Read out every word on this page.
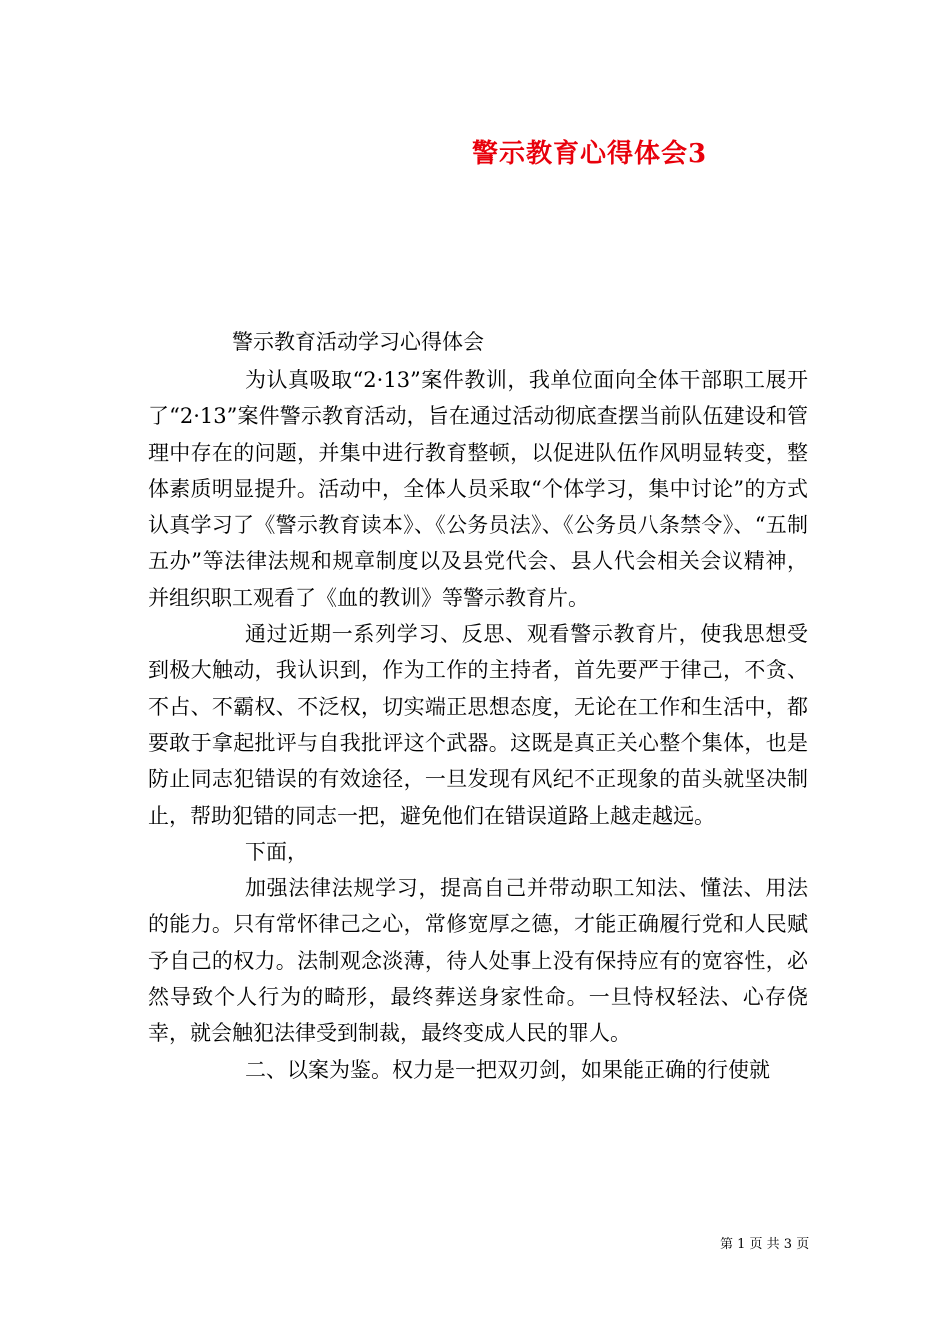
警示教育心得体会3
警示教育活动学习心得体会

为认真吸取“2·13”案件教训，我单位面向全体干部职工展开了“2·13”案件警示教育活动，旨在通过活动彻底查摆当前队伍建设和管理中存在的问题，并集中进行教育整顿，以促进队伍作风明显转变，整体素质明显提升。活动中，全体人员采取“个体学习，集中讨论”的方式认真学习了《警示教育读本》、《公务员法》、《公务员八条禁令》、“五制五办”等法律法规和规章制度以及县党代会、县人代会相关会议精神，并组织职工观看了《血的教训》等警示教育片。

通过近期一系列学习、反思、观看警示教育片，使我思想受到极大触动，我认识到，作为工作的主持者，首先要严于律己，不贪、不占、不霸权、不泛权，切实端正思想态度，无论在工作和生活中，都要敢于拿起批评与自我批评这个武器。这既是真正关心整个集体，也是防止同志犯错误的有效途径，一旦发现有风纪不正现象的苗头就坚决制止，帮助犯错的同志一把，避免他们在错误道路上越走越远。

下面，

加强法律法规学习，提高自己并带动职工知法、懂法、用法的能力。只有常怀律己之心，常修宽厚之德，才能正确履行党和人民赋予自己的权力。法制观念淡薄，待人处事上没有保持应有的宽容性，必然导致个人行为的畸形，最终葬送身家性命。一旦恃权轻法、心存侥幸，就会触犯法律受到制裁，最终变成人民的罪人。

二、以案为鉴。权力是一把双刃剑，如果能正确的行使就

第 1 页 共 3 页
